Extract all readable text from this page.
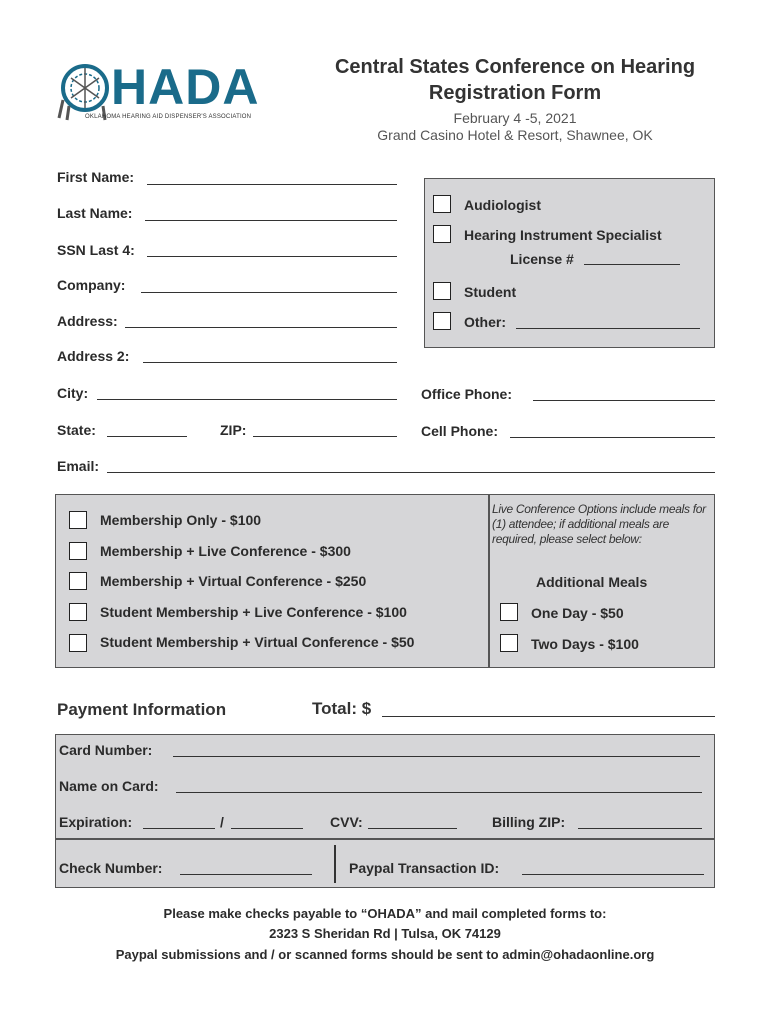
HADA
OKLAHOMA HEARING AID DISPENSER'S ASSOCIATION
Central States Conference on Hearing
Registration Form
February 4 -5, 2021
Grand Casino Hotel & Resort, Shawnee, OK
First Name:
Last Name:
SSN Last 4:
Company:
Address:
Address 2:
Audiologist
Hearing Instrument Specialist
License #
Student
Other:
City:	Office Phone:
State:	ZIP:	Cell Phone:
Email:
Membership Only - $100
Membership + Live Conference - $300
Membership + Virtual Conference - $250
Student Membership + Live Conference - $100
Student Membership + Virtual Conference - $50
Live Conference Options include meals for (1) attendee; if additional meals are required, please select below:
Additional Meals
One Day - $50
Two Days - $100
Payment Information	Total: $
Card Number:
Name on Card:
Expiration:	/	CVV:	Billing ZIP:
Check Number:	Paypal Transaction ID:
Please make checks payable to “OHADA” and mail completed forms to:
2323 S Sheridan Rd | Tulsa, OK 74129
Paypal submissions and / or scanned forms should be sent to admin@ohadaonline.org
